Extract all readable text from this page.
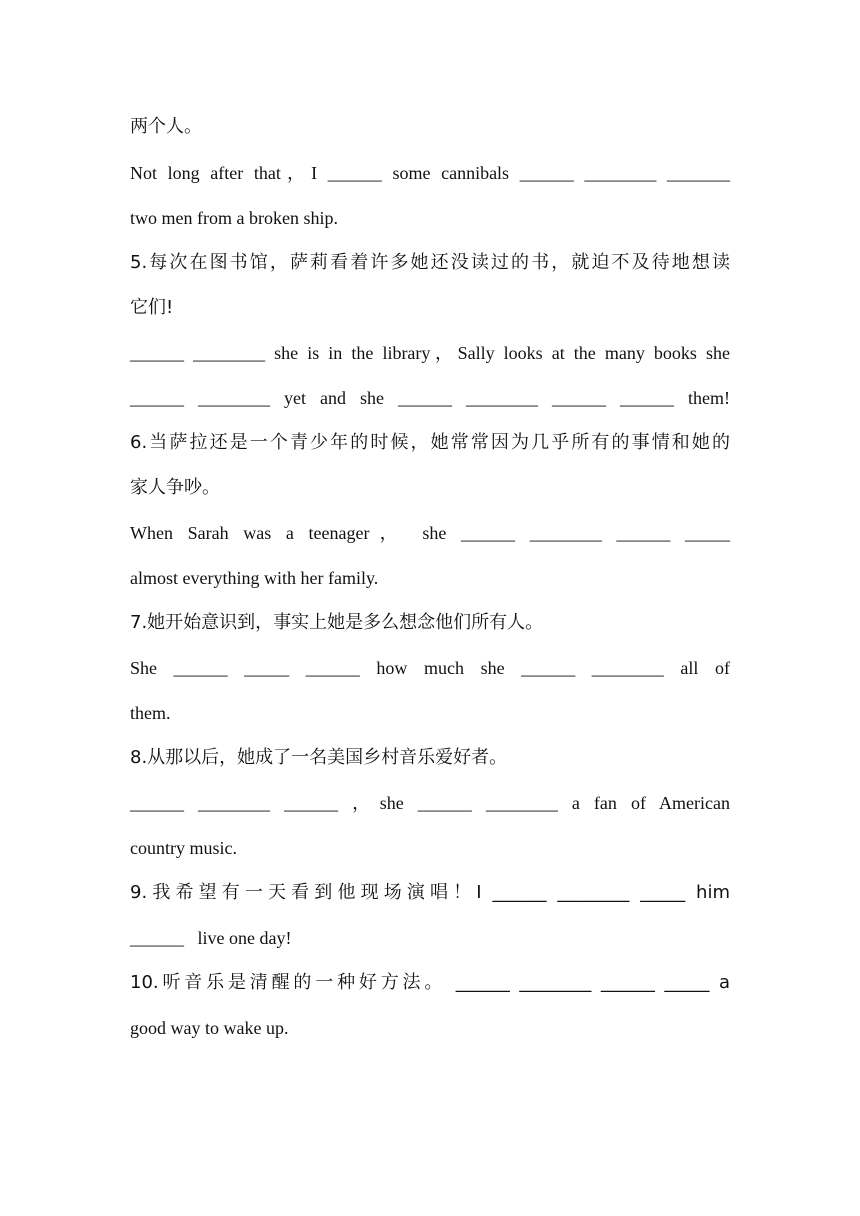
两个人。
Not long after that，I ______ some cannibals ______ ________ _______
two men from a broken ship.
5.每次在图书馆，萨莉看着许多她还没读过的书，就迫不及待地想读
它们!
______ ________ she is in the library，Sally looks at the many books she
______ ________ yet and she ______ ________ ______ ______ them!
6.当萨拉还是一个青少年的时候，她常常因为几乎所有的事情和她的
家人争吵。
When Sarah was a teenager， she ______ ________ ______ _____
almost everything with her family.
7.她开始意识到，事实上她是多么想念他们所有人。
She ______ _____ ______ how much she ______ ________ all of
them.
8.从那以后，她成了一名美国乡村音乐爱好者。
______ ________ ______ ，she ______ ________ a fan of American
country music.
9.我希望有一天看到他现场演唱！I ______ ________ _____ him
______   live one day!
10.听音乐是清醒的一种好方法。 ______ ________ ______ _____ a
good way to wake up.
